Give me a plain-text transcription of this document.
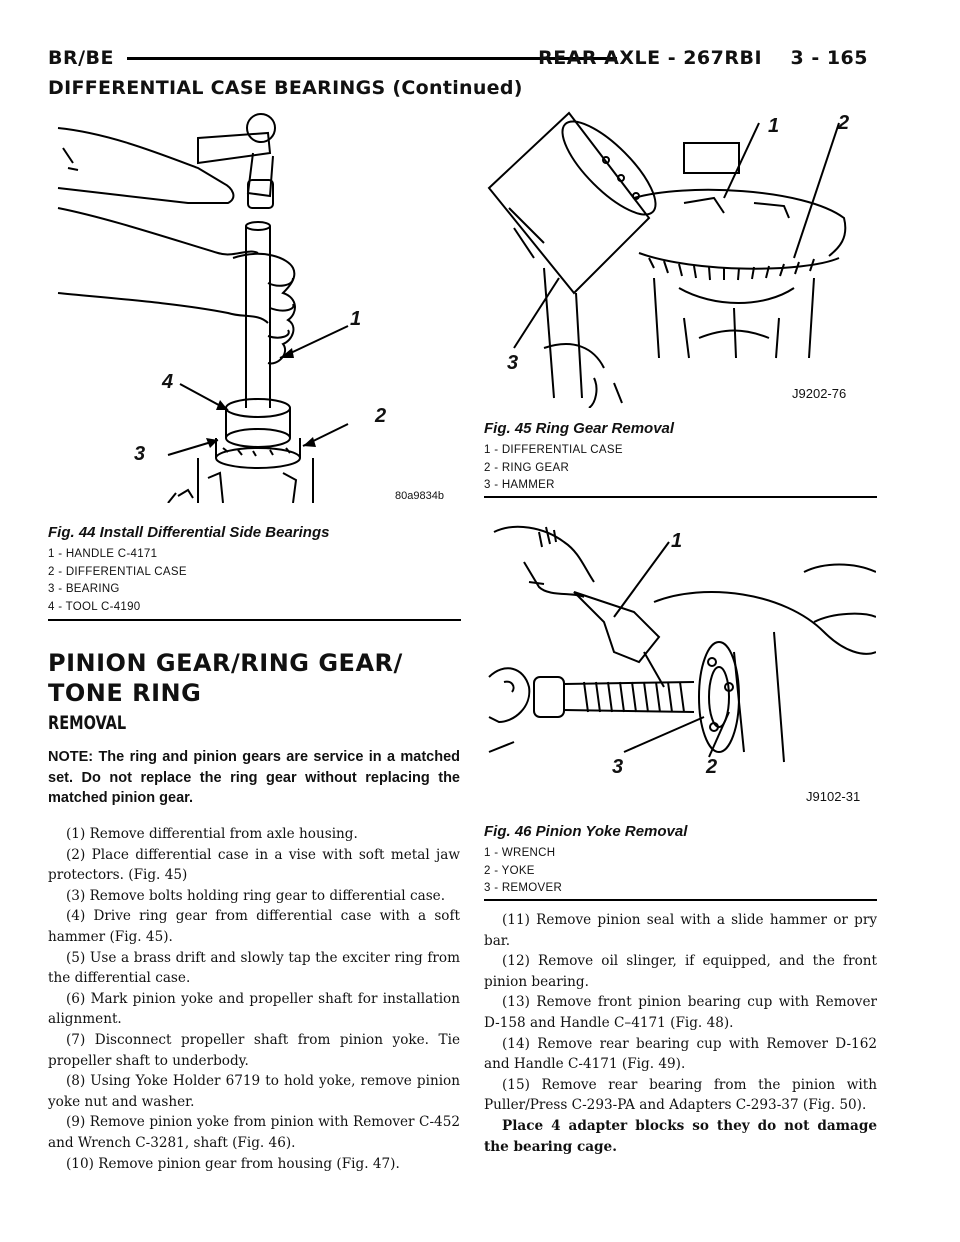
BR/BE	REAR AXLE - 267RBI    3 - 165
DIFFERENTIAL CASE BEARINGS (Continued)
1
2
3
4
80a9834b
Fig. 44 Install Differential Side Bearings
1 - HANDLE C-4171
2 - DIFFERENTIAL CASE
3 - BEARING
4 - TOOL C-4190
1	2
3
J9202-76
Fig. 45 Ring Gear Removal
1 - DIFFERENTIAL CASE
2 - RING GEAR
3 - HAMMER
1
2
3
J9102-31
Fig. 46 Pinion Yoke Removal
1 - WRENCH
2 - YOKE
3 - REMOVER
PINION GEAR/RING GEAR/ TONE RING
REMOVAL
NOTE: The ring and pinion gears are service in a matched set. Do not replace the ring gear without replacing the matched pinion gear.

(1) Remove differential from axle housing.

(2) Place differential case in a vise with soft metal jaw protectors. (Fig. 45)

(3) Remove bolts holding ring gear to differential case.

(4) Drive ring gear from differential case with a soft hammer (Fig. 45).

(5) Use a brass drift and slowly tap the exciter ring from the differential case.

(6) Mark pinion yoke and propeller shaft for installation alignment.

(7) Disconnect propeller shaft from pinion yoke. Tie propeller shaft to underbody.

(8) Using Yoke Holder 6719 to hold yoke, remove pinion yoke nut and washer.

(9) Remove pinion yoke from pinion with Remover C-452 and Wrench C-3281, shaft (Fig. 46).

(10) Remove pinion gear from housing (Fig. 47).

(11) Remove pinion seal with a slide hammer or pry bar.

(12) Remove oil slinger, if equipped, and the front pinion bearing.

(13) Remove front pinion bearing cup with Remover D-158 and Handle C–4171 (Fig. 48).

(14) Remove rear bearing cup with Remover D-162 and Handle C-4171 (Fig. 49).

(15) Remove rear bearing from the pinion with Puller/Press C-293-PA and Adapters C-293-37 (Fig. 50).

Place 4 adapter blocks so they do not damage the bearing cage.
